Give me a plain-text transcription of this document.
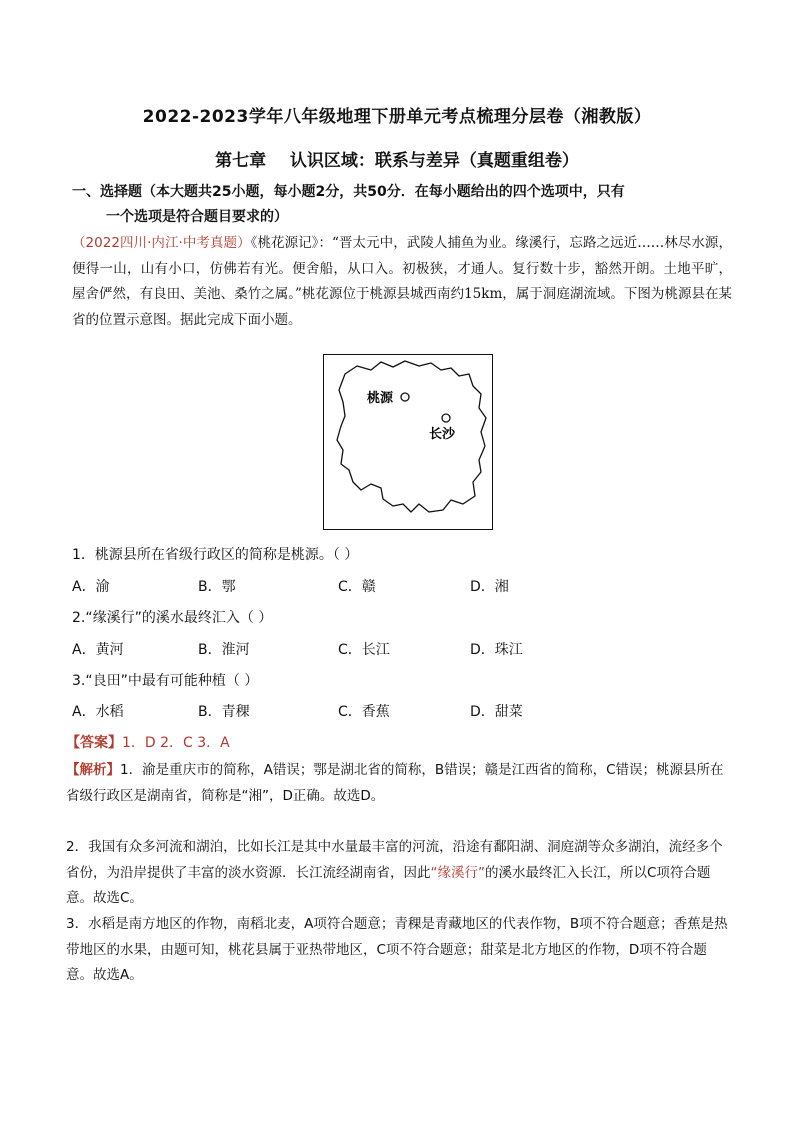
2022-2023学年八年级地理下册单元考点梳理分层卷（湘教版）
第七章    认识区域：联系与差异（真题重组卷）
一、选择题（本大题共25小题，每小题2分，共50分．在每小题给出的四个选项中，只有
一个选项是符合题目要求的）
（2022四川·内江·中考真题）《桃花源记》：“晋太元中，武陵人捕鱼为业。缘溪行，忘路之远近……林尽水源，便得一山，山有小口，仿佛若有光。便舍船，从口入。初极狭，才通人。复行数十步，豁然开朗。土地平旷，屋舍俨然，有良田、美池、桑竹之属。”桃花源位于桃源县城西南约15km，属于洞庭湖流域。下图为桃源县在某省的位置示意图。据此完成下面小题。
桃源
长沙
1．桃源县所在省级行政区的简称是桃源。（ ）
A．渝	B．鄂	C．赣	D．湘
2.“缘溪行”的溪水最终汇入（ ）
A．黄河	B．淮河	C．长江	D．珠江
3.“良田”中最有可能种植（ ）
A．水稻	B．青稞	C．香蕉	D．甜菜
【答案】1．D 2．C 3．A
【解析】1．渝是重庆市的简称，A错误；鄂是湖北省的简称，B错误；赣是江西省的简称，C错误；桃源县所在省级行政区是湖南省，简称是“湘”，D正确。故选D。
2．我国有众多河流和湖泊，比如长江是其中水量最丰富的河流，沿途有鄱阳湖、洞庭湖等众多湖泊，流经多个省份，为沿岸提供了丰富的淡水资源．长江流经湖南省，因此“缘溪行”的溪水最终汇入长江，所以C项符合题意。故选C。
3．水稻是南方地区的作物，南稻北麦，A项符合题意；青稞是青藏地区的代表作物，B项不符合题意；香蕉是热带地区的水果，由题可知，桃花县属于亚热带地区，C项不符合题意；甜菜是北方地区的作物，D项不符合题意。故选A。
